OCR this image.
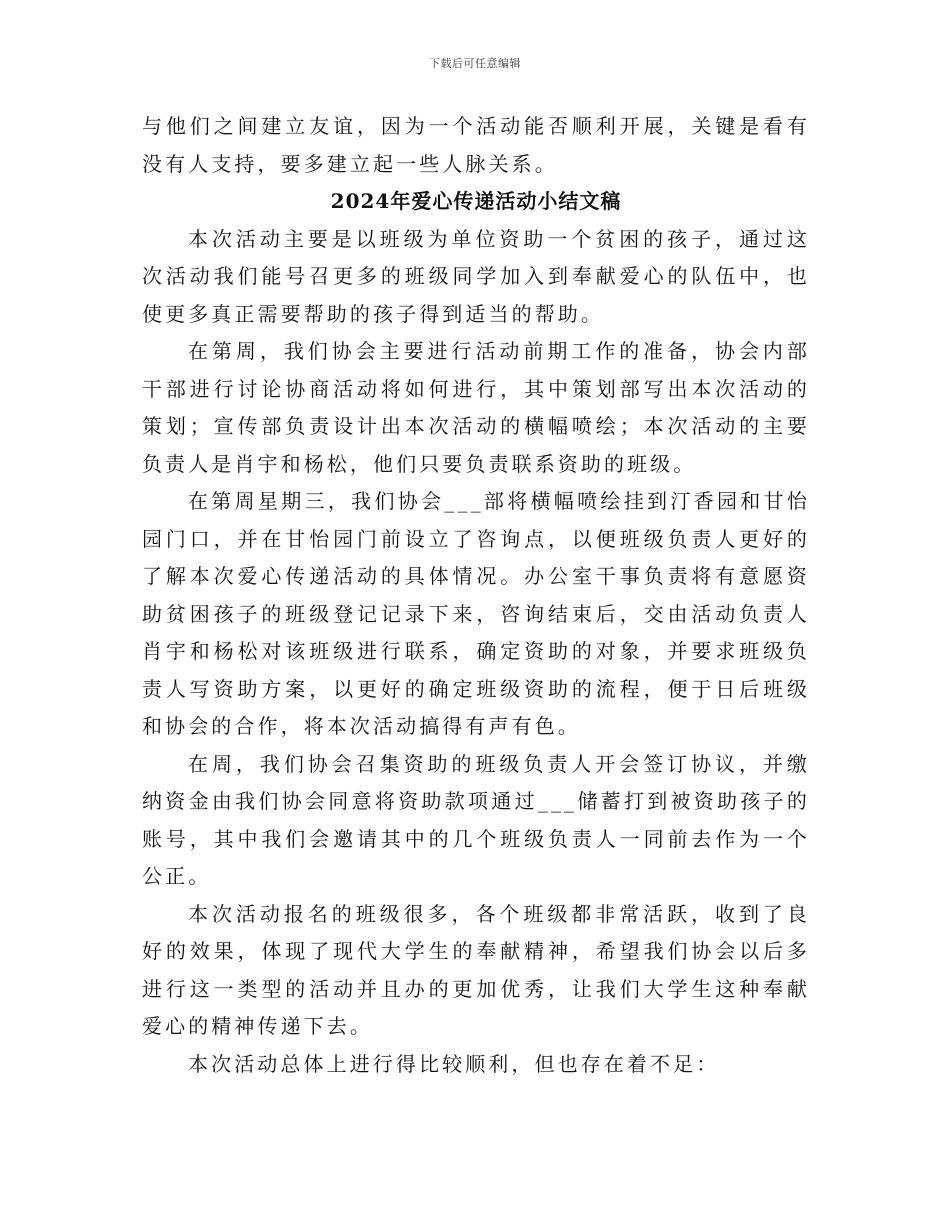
下载后可任意编辑

与他们之间建立友谊，因为一个活动能否顺利开展，关键是看有没有人支持，要多建立起一些人脉关系。

2024年爱心传递活动小结文稿

本次活动主要是以班级为单位资助一个贫困的孩子，通过这次活动我们能号召更多的班级同学加入到奉献爱心的队伍中，也使更多真正需要帮助的孩子得到适当的帮助。

在第周，我们协会主要进行活动前期工作的准备，协会内部干部进行讨论协商活动将如何进行，其中策划部写出本次活动的策划；宣传部负责设计出本次活动的横幅喷绘；本次活动的主要负责人是肖宇和杨松，他们只要负责联系资助的班级。

在第周星期三，我们协会___部将横幅喷绘挂到汀香园和甘怡园门口，并在甘怡园门前设立了咨询点，以便班级负责人更好的了解本次爱心传递活动的具体情况。办公室干事负责将有意愿资助贫困孩子的班级登记记录下来，咨询结束后，交由活动负责人肖宇和杨松对该班级进行联系，确定资助的对象，并要求班级负责人写资助方案，以更好的确定班级资助的流程，便于日后班级和协会的合作，将本次活动搞得有声有色。

在周，我们协会召集资助的班级负责人开会签订协议，并缴纳资金由我们协会同意将资助款项通过___储蓄打到被资助孩子的账号，其中我们会邀请其中的几个班级负责人一同前去作为一个公正。

本次活动报名的班级很多，各个班级都非常活跃，收到了良好的效果，体现了现代大学生的奉献精神，希望我们协会以后多进行这一类型的活动并且办的更加优秀，让我们大学生这种奉献爱心的精神传递下去。

本次活动总体上进行得比较顺利，但也存在着不足：
